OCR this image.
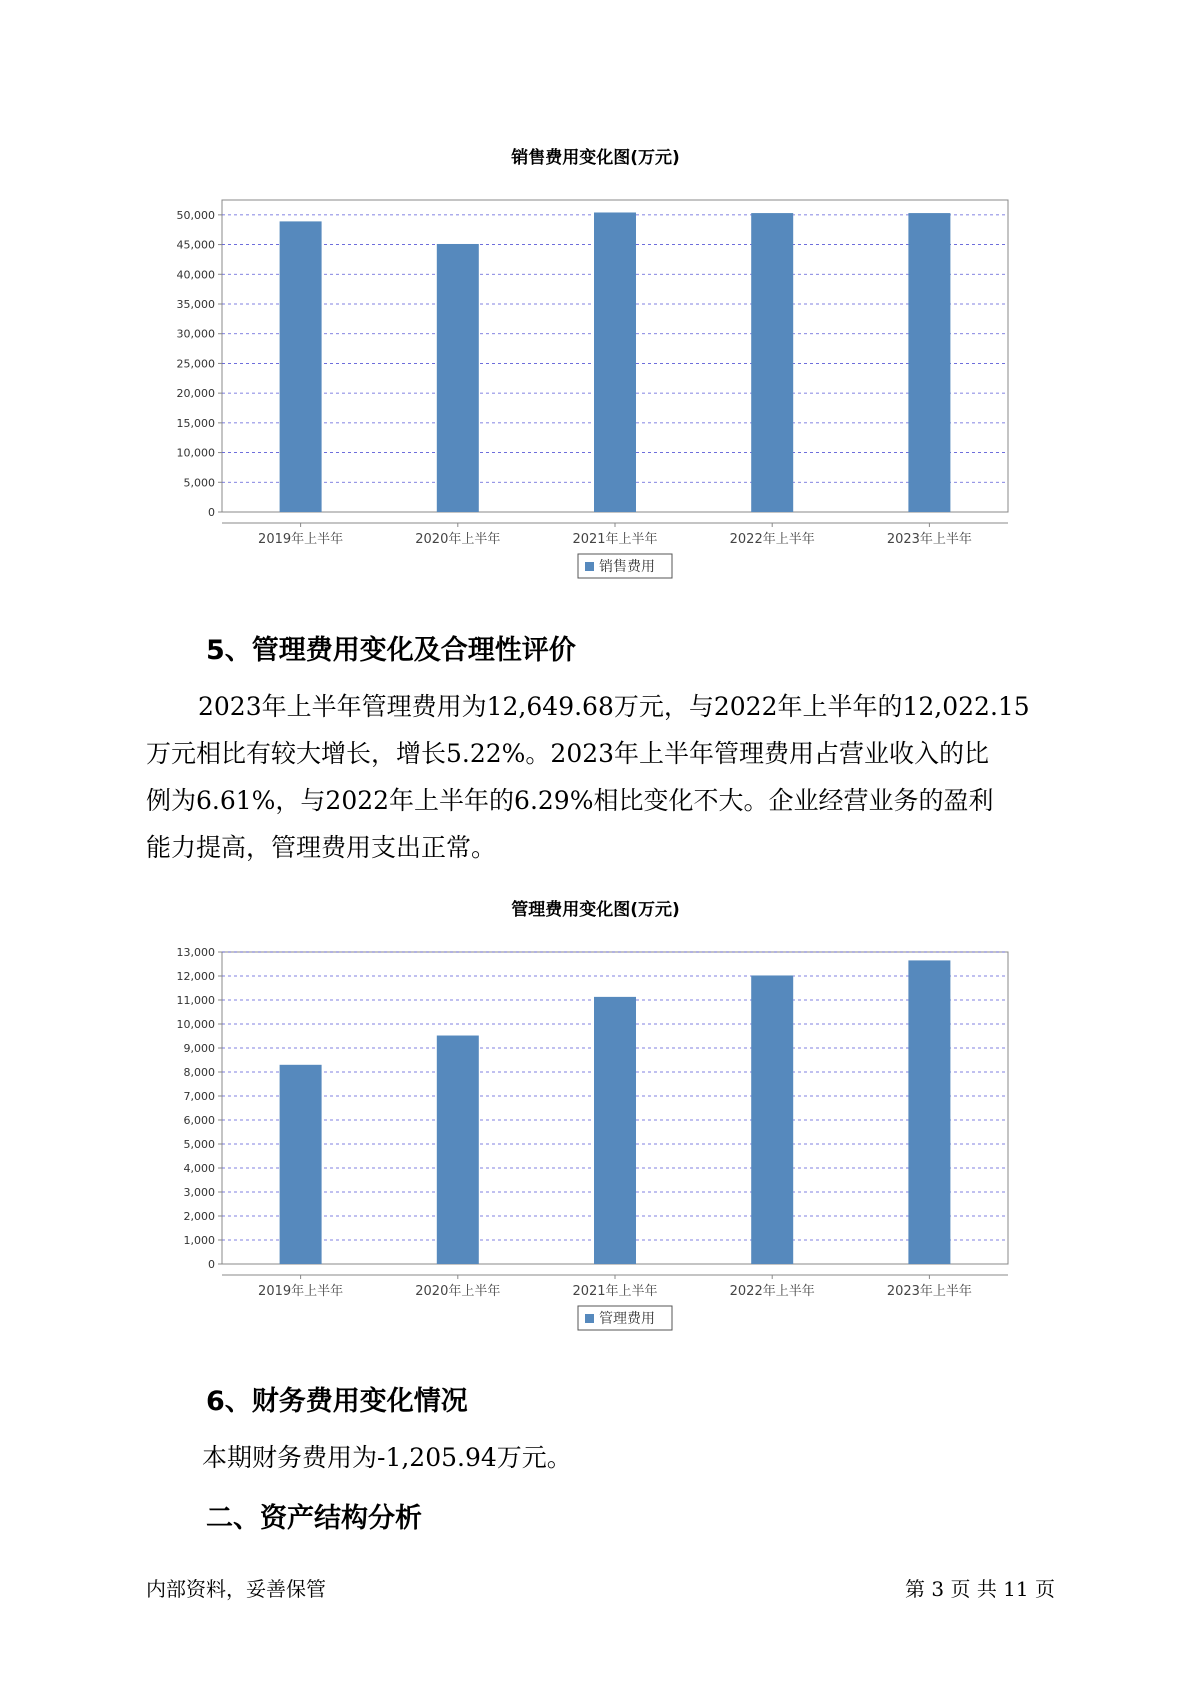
销售费用变化图(万元)
0
5,000
10,000
15,000
20,000
25,000
30,000
35,000
40,000
45,000
50,000
2019年上半年	2020年上半年	2021年上半年	2022年上半年	2023年上半年
销售费用
5、管理费用变化及合理性评价
2023年上半年管理费用为12,649.68万元，与2022年上半年的12,022.15
万元相比有较大增长，增长5.22%。2023年上半年管理费用占营业收入的比
例为6.61%，与2022年上半年的6.29%相比变化不大。企业经营业务的盈利
能力提高，管理费用支出正常。
管理费用变化图(万元)
0
1,000
2,000
3,000
4,000
5,000
6,000
7,000
8,000
9,000
10,000
11,000
12,000
13,000
2019年上半年	2020年上半年	2021年上半年	2022年上半年	2023年上半年
管理费用
6、财务费用变化情况
本期财务费用为-1,205.94万元。
二、资产结构分析
内部资料，妥善保管	第 3 页 共 11 页
